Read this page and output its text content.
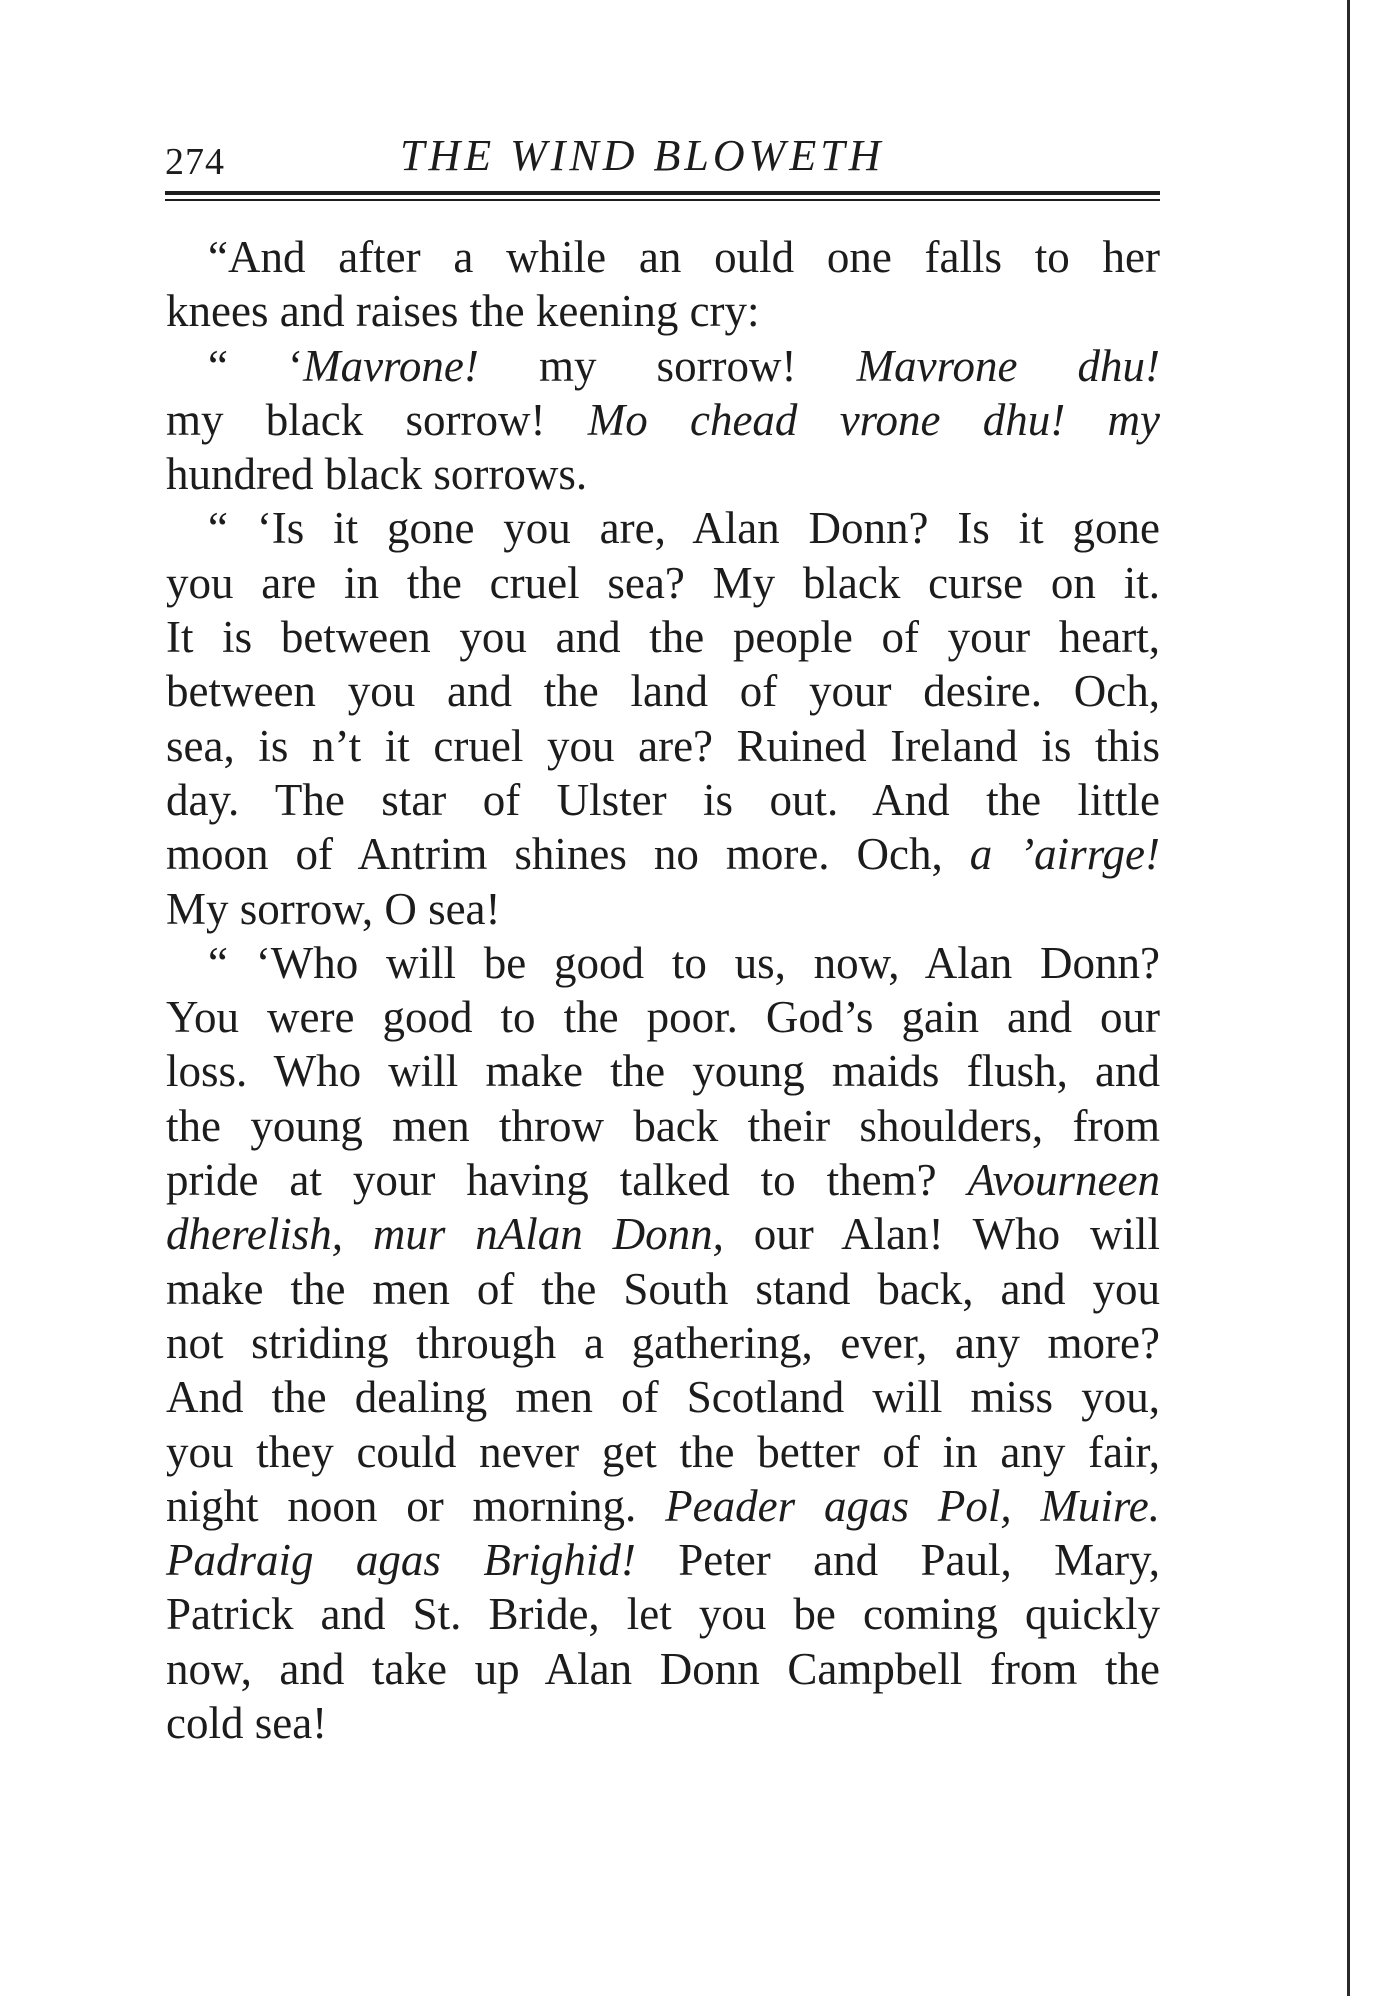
274	THE WIND BLOWETH
“And after a while an ould one falls to her
knees and raises the keening cry:
“ ‘Mavrone! my sorrow! Mavrone dhu!
my black sorrow! Mo chead vrone dhu! my
hundred black sorrows.
“ ‘Is it gone you are, Alan Donn? Is it gone
you are in the cruel sea? My black curse on it.
It is between you and the people of your heart,
between you and the land of your desire. Och,
sea, is n’t it cruel you are? Ruined Ireland is this
day. The star of Ulster is out. And the little
moon of Antrim shines no more. Och, a ’airrge!
My sorrow, O sea!
“ ‘Who will be good to us, now, Alan Donn?
You were good to the poor. God’s gain and our
loss. Who will make the young maids flush, and
the young men throw back their shoulders, from
pride at your having talked to them? Avourneen
dherelish, mur nAlan Donn, our Alan! Who will
make the men of the South stand back, and you
not striding through a gathering, ever, any more?
And the dealing men of Scotland will miss you,
you they could never get the better of in any fair,
night noon or morning. Peader agas Pol, Muire.
Padraig agas Brighid! Peter and Paul, Mary,
Patrick and St. Bride, let you be coming quickly
now, and take up Alan Donn Campbell from the
cold sea!
